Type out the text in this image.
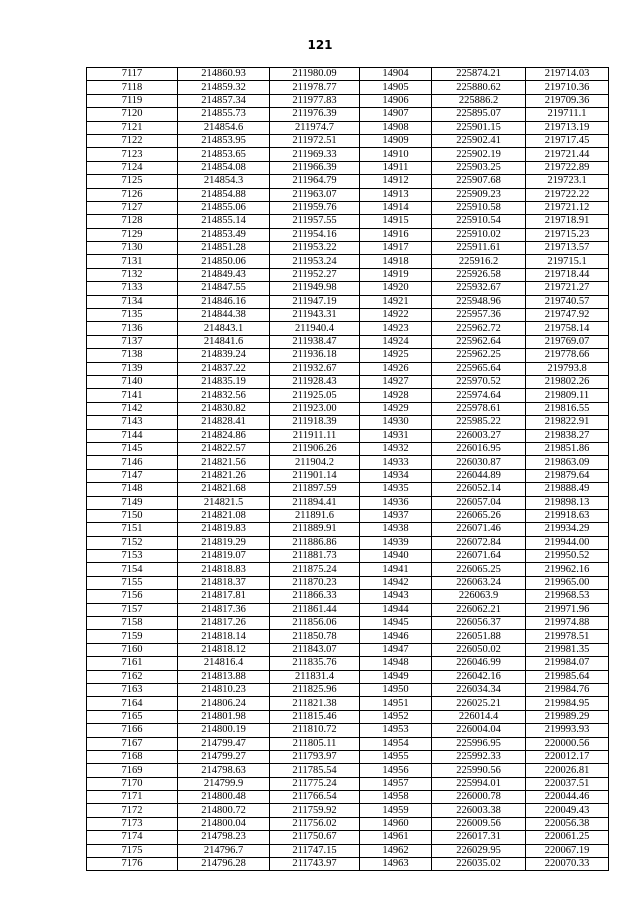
121
7117	214860.93	211980.09	14904	225874.21	219714.03
7118	214859.32	211978.77	14905	225880.62	219710.36
7119	214857.34	211977.83	14906	225886.2	219709.36
7120	214855.73	211976.39	14907	225895.07	219711.1
7121	214854.6	211974.7	14908	225901.15	219713.19
7122	214853.95	211972.51	14909	225902.41	219717.45
7123	214853.65	211969.33	14910	225902.19	219721.44
7124	214854.08	211966.39	14911	225903.25	219722.89
7125	214854.3	211964.79	14912	225907.68	219723.1
7126	214854.88	211963.07	14913	225909.23	219722.22
7127	214855.06	211959.76	14914	225910.58	219721.12
7128	214855.14	211957.55	14915	225910.54	219718.91
7129	214853.49	211954.16	14916	225910.02	219715.23
7130	214851.28	211953.22	14917	225911.61	219713.57
7131	214850.06	211953.24	14918	225916.2	219715.1
7132	214849.43	211952.27	14919	225926.58	219718.44
7133	214847.55	211949.98	14920	225932.67	219721.27
7134	214846.16	211947.19	14921	225948.96	219740.57
7135	214844.38	211943.31	14922	225957.36	219747.92
7136	214843.1	211940.4	14923	225962.72	219758.14
7137	214841.6	211938.47	14924	225962.64	219769.07
7138	214839.24	211936.18	14925	225962.25	219778.66
7139	214837.22	211932.67	14926	225965.64	219793.8
7140	214835.19	211928.43	14927	225970.52	219802.26
7141	214832.56	211925.05	14928	225974.64	219809.11
7142	214830.82	211923.00	14929	225978.61	219816.55
7143	214828.41	211918.39	14930	225985.22	219822.91
7144	214824.86	211911.11	14931	226003.27	219838.27
7145	214822.57	211906.26	14932	226016.95	219851.86
7146	214821.56	211904.2	14933	226030.87	219863.09
7147	214821.26	211901.14	14934	226044.89	219879.64
7148	214821.68	211897.59	14935	226052.14	219888.49
7149	214821.5	211894.41	14936	226057.04	219898.13
7150	214821.08	211891.6	14937	226065.26	219918.63
7151	214819.83	211889.91	14938	226071.46	219934.29
7152	214819.29	211886.86	14939	226072.84	219944.00
7153	214819.07	211881.73	14940	226071.64	219950.52
7154	214818.83	211875.24	14941	226065.25	219962.16
7155	214818.37	211870.23	14942	226063.24	219965.00
7156	214817.81	211866.33	14943	226063.9	219968.53
7157	214817.36	211861.44	14944	226062.21	219971.96
7158	214817.26	211856.06	14945	226056.37	219974.88
7159	214818.14	211850.78	14946	226051.88	219978.51
7160	214818.12	211843.07	14947	226050.02	219981.35
7161	214816.4	211835.76	14948	226046.99	219984.07
7162	214813.88	211831.4	14949	226042.16	219985.64
7163	214810.23	211825.96	14950	226034.34	219984.76
7164	214806.24	211821.38	14951	226025.21	219984.95
7165	214801.98	211815.46	14952	226014.4	219989.29
7166	214800.19	211810.72	14953	226004.04	219993.93
7167	214799.47	211805.11	14954	225996.95	220000.56
7168	214799.27	211793.97	14955	225992.33	220012.17
7169	214798.63	211785.54	14956	225990.56	220026.81
7170	214799.9	211775.24	14957	225994.01	220037.51
7171	214800.48	211766.54	14958	226000.78	220044.46
7172	214800.72	211759.92	14959	226003.38	220049.43
7173	214800.04	211756.02	14960	226009.56	220056.38
7174	214798.23	211750.67	14961	226017.31	220061.25
7175	214796.7	211747.15	14962	226029.95	220067.19
7176	214796.28	211743.97	14963	226035.02	220070.33
